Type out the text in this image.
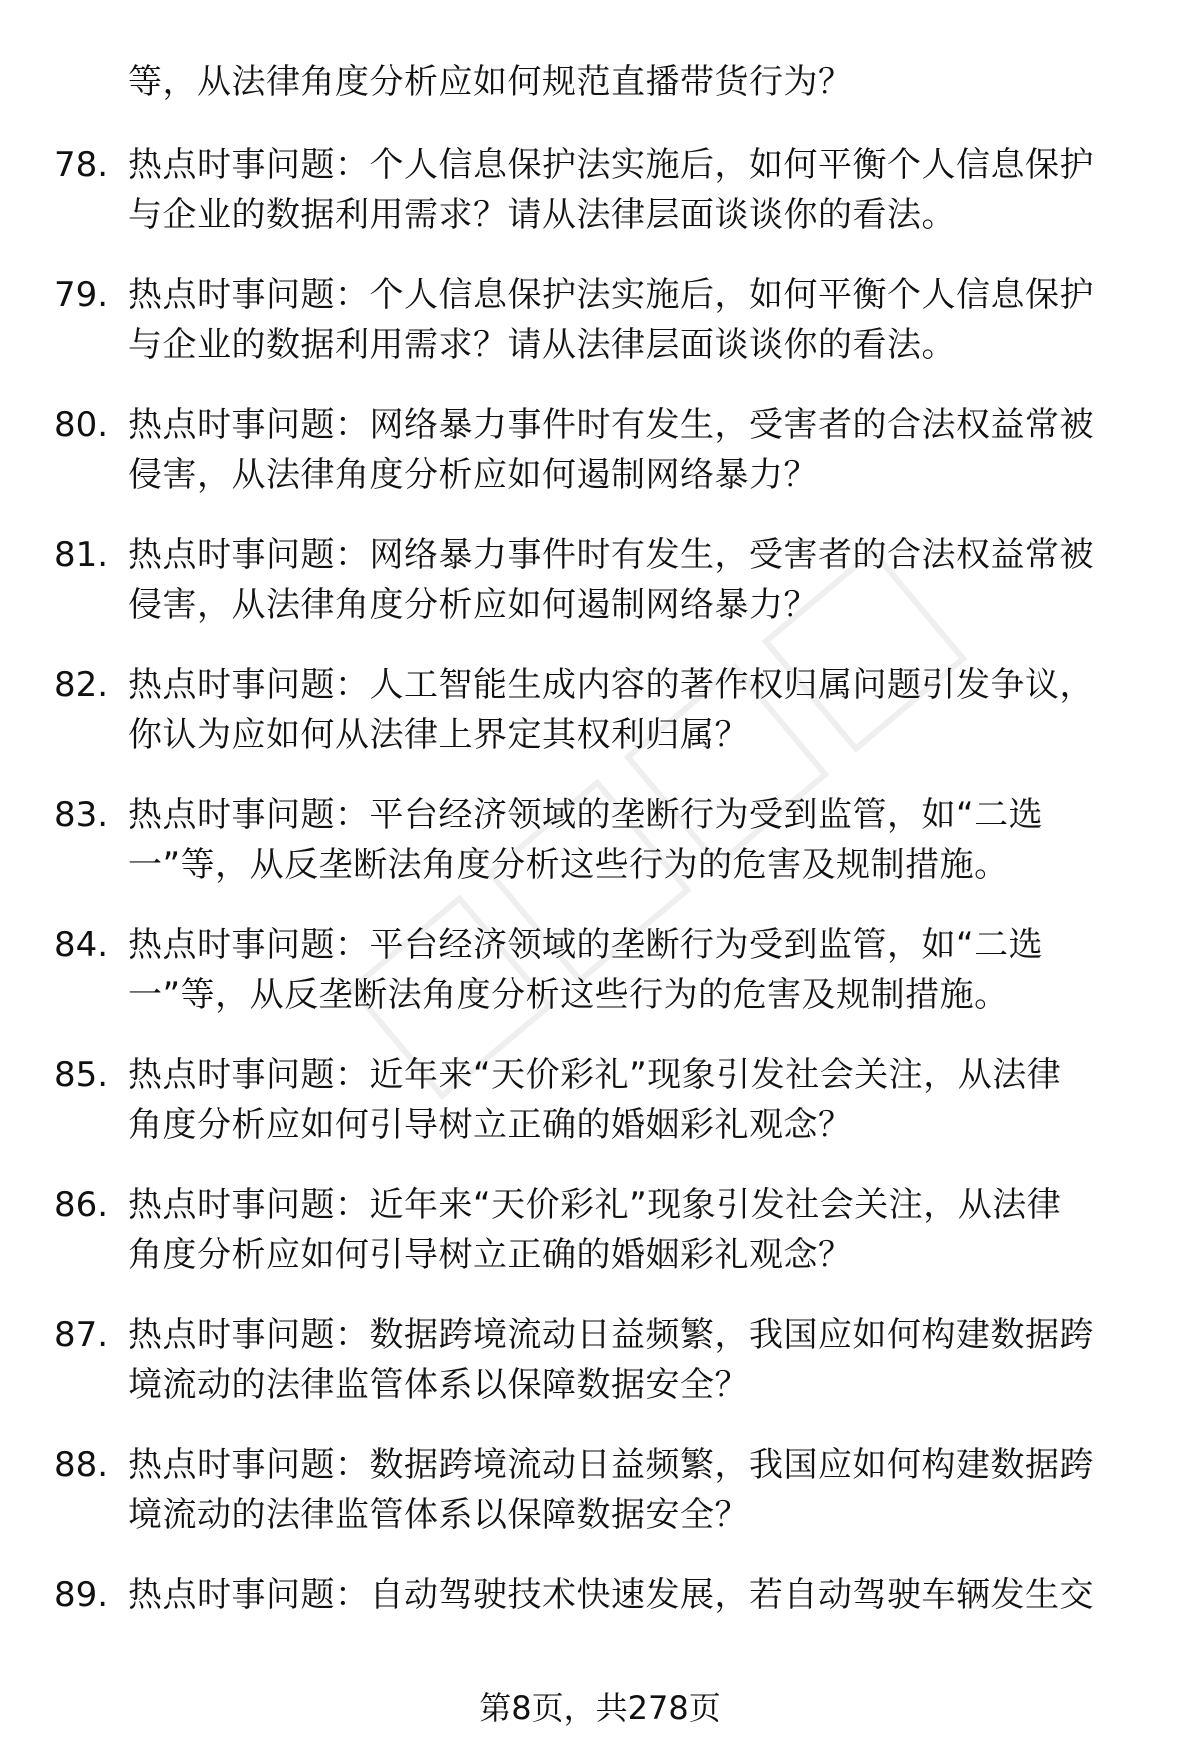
等，从法律角度分析应如何规范直播带货行为？
78. 热点时事问题：个人信息保护法实施后，如何平衡个人信息保护
与企业的数据利用需求？请从法律层面谈谈你的看法。
79. 热点时事问题：个人信息保护法实施后，如何平衡个人信息保护
与企业的数据利用需求？请从法律层面谈谈你的看法。
80. 热点时事问题：网络暴力事件时有发生，受害者的合法权益常被
侵害，从法律角度分析应如何遏制网络暴力？
81. 热点时事问题：网络暴力事件时有发生，受害者的合法权益常被
侵害，从法律角度分析应如何遏制网络暴力？
82. 热点时事问题：人工智能生成内容的著作权归属问题引发争议，
你认为应如何从法律上界定其权利归属？
83. 热点时事问题：平台经济领域的垄断行为受到监管，如“二选
一”等，从反垄断法角度分析这些行为的危害及规制措施。
84. 热点时事问题：平台经济领域的垄断行为受到监管，如“二选
一”等，从反垄断法角度分析这些行为的危害及规制措施。
85. 热点时事问题：近年来“天价彩礼”现象引发社会关注，从法律
角度分析应如何引导树立正确的婚姻彩礼观念？
86. 热点时事问题：近年来“天价彩礼”现象引发社会关注，从法律
角度分析应如何引导树立正确的婚姻彩礼观念？
87. 热点时事问题：数据跨境流动日益频繁，我国应如何构建数据跨
境流动的法律监管体系以保障数据安全？
88. 热点时事问题：数据跨境流动日益频繁，我国应如何构建数据跨
境流动的法律监管体系以保障数据安全？
89. 热点时事问题：自动驾驶技术快速发展，若自动驾驶车辆发生交
第8页，共278页
